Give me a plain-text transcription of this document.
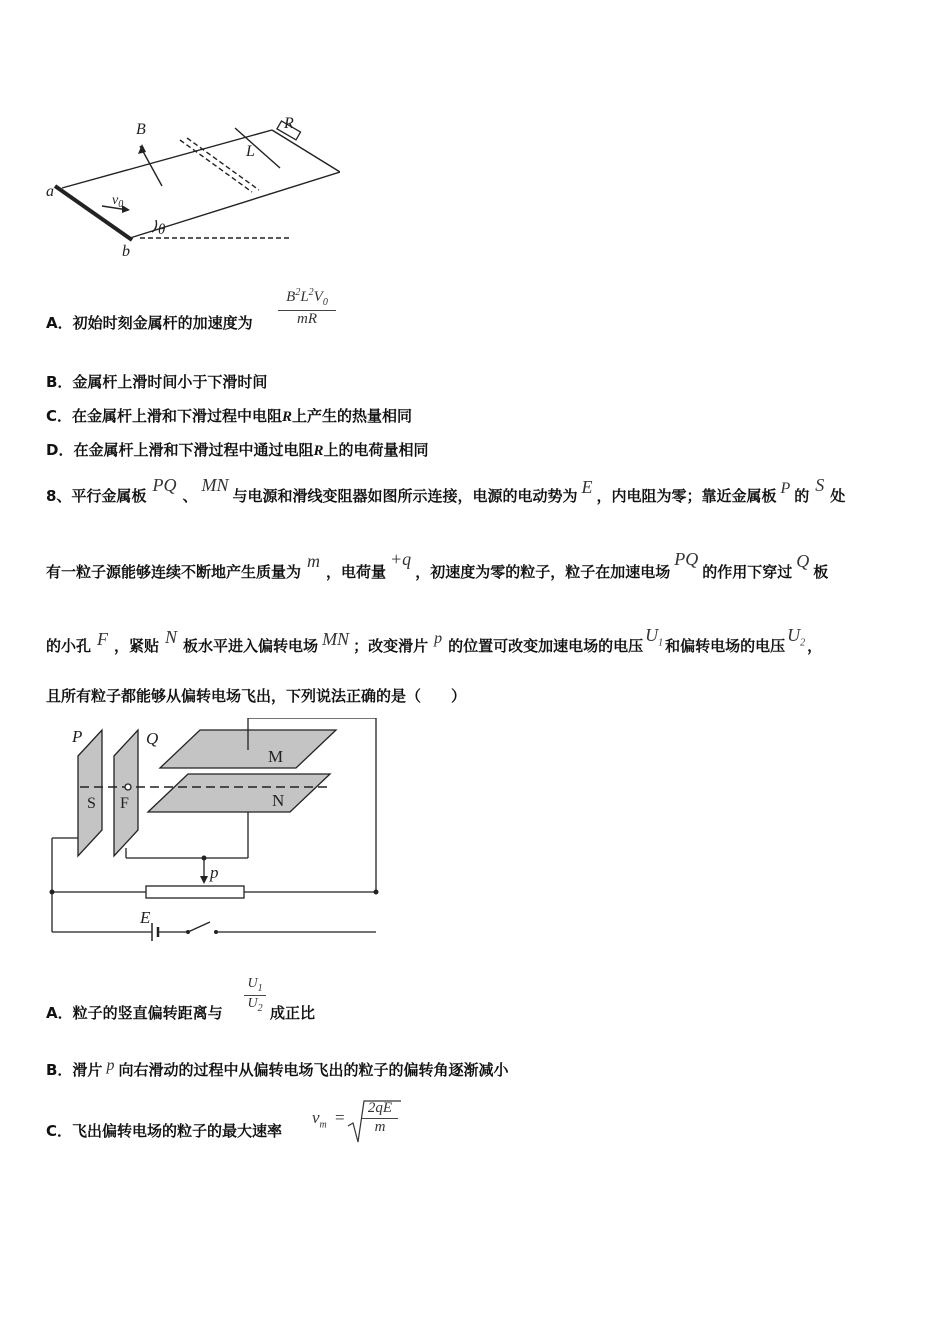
B	R
L
a
b
$v_0$
θ
A．初始时刻金属杆的加速度为 $\frac{B^2L^2V_0}{mR}$
B．金属杆上滑时间小于下滑时间
C．在金属杆上滑和下滑过程中电阻R上产生的热量相同
D．在金属杆上滑和下滑过程中通过电阻R上的电荷量相同
8、平行金属板PQ、MN与电源和滑线变阻器如图所示连接，电源的电动势为 E ，内电阻为零；靠近金属板 P 的S处
有一粒子源能够连续不断地产生质量为m，电荷量+q，初速度为零的粒子，粒子在加速电场PQ的作用下穿过Q板
的小孔 F ，紧贴 N 板水平进入偏转电场 MN ；改变滑片 p 的位置可改变加速电场的电压$U_1$ 和偏转电场的电压$U_2$ ，
且所有粒子都能够从偏转电场飞出，下列说法正确的是（　　）
P	Q
M
N
S F
p
E
A．粒子的竖直偏转距离与 $\frac{U_1}{U_2}$ 成正比
B．滑片 p 向右滑动的过程中从偏转电场飞出的粒子的偏转角逐渐减小
C．飞出偏转电场的粒子的最大速率
$v_m = \frac{2qE}{m}$
